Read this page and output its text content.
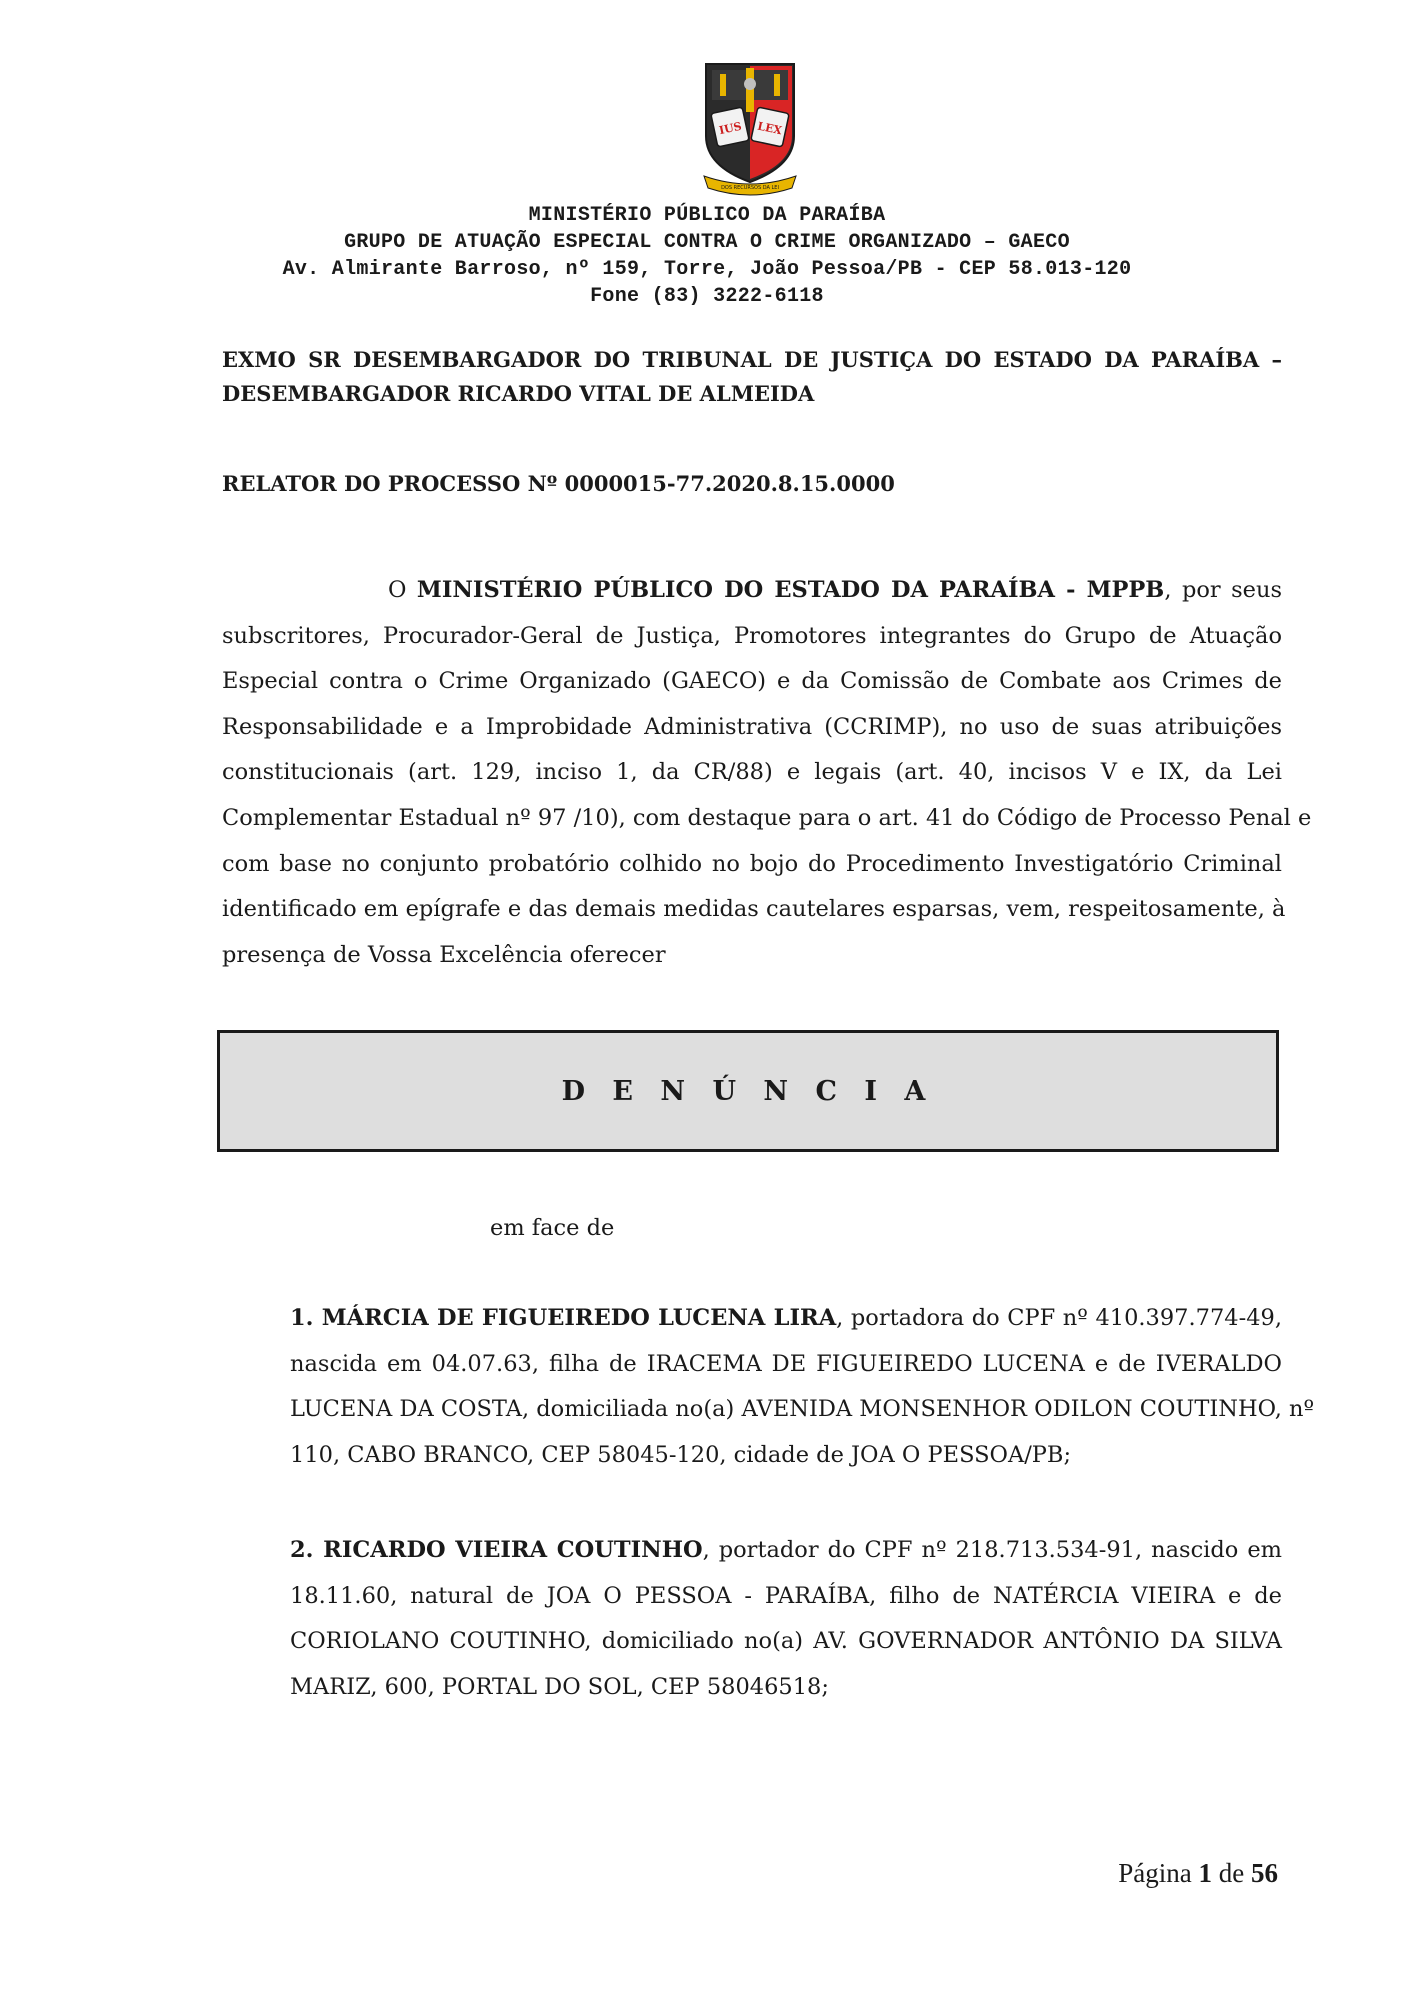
IUS LEX
DOS RECURSOS DA LEI
MINISTÉRIO PÚBLICO DA PARAÍBA
GRUPO DE ATUAÇÃO ESPECIAL CONTRA O CRIME ORGANIZADO – GAECO
Av. Almirante Barroso, nº 159, Torre, João Pessoa/PB - CEP 58.013-120
Fone (83) 3222-6118
EXMO SR DESEMBARGADOR DO TRIBUNAL DE JUSTIÇA DO ESTADO DA PARAÍBA –
DESEMBARGADOR RICARDO VITAL DE ALMEIDA
RELATOR DO PROCESSO Nº 0000015-77.2020.8.15.0000
O MINISTÉRIO PÚBLICO DO ESTADO DA PARAÍBA - MPPB, por seus
subscritores, Procurador-Geral de Justiça, Promotores integrantes do Grupo de Atuação
Especial contra o Crime Organizado (GAECO) e da Comissão de Combate aos Crimes de
Responsabilidade e a Improbidade Administrativa (CCRIMP), no uso de suas atribuições
constitucionais (art. 129, inciso 1, da CR/88) e legais (art. 40, incisos V e IX, da Lei
Complementar Estadual nº 97 /10), com destaque para o art. 41 do Código de Processo Penal e
com base no conjunto probatório colhido no bojo do Procedimento Investigatório Criminal
identificado em epígrafe e das demais medidas cautelares esparsas, vem, respeitosamente, à
presença de Vossa Excelência oferecer
D E N Ú N C I A
em face de
1. MÁRCIA DE FIGUEIREDO LUCENA LIRA, portadora do CPF nº 410.397.774-49,
nascida em 04.07.63, filha de IRACEMA DE FIGUEIREDO LUCENA e de IVERALDO
LUCENA DA COSTA, domiciliada no(a) AVENIDA MONSENHOR ODILON COUTINHO, nº
110, CABO BRANCO, CEP 58045-120, cidade de JOA O PESSOA/PB;
2. RICARDO VIEIRA COUTINHO, portador do CPF nº 218.713.534-91, nascido em
18.11.60, natural de JOA O PESSOA - PARAÍBA, filho de NATÉRCIA VIEIRA e de
CORIOLANO COUTINHO, domiciliado no(a) AV. GOVERNADOR ANTÔNIO DA SILVA
MARIZ, 600, PORTAL DO SOL, CEP 58046518;
Página 1 de 56
